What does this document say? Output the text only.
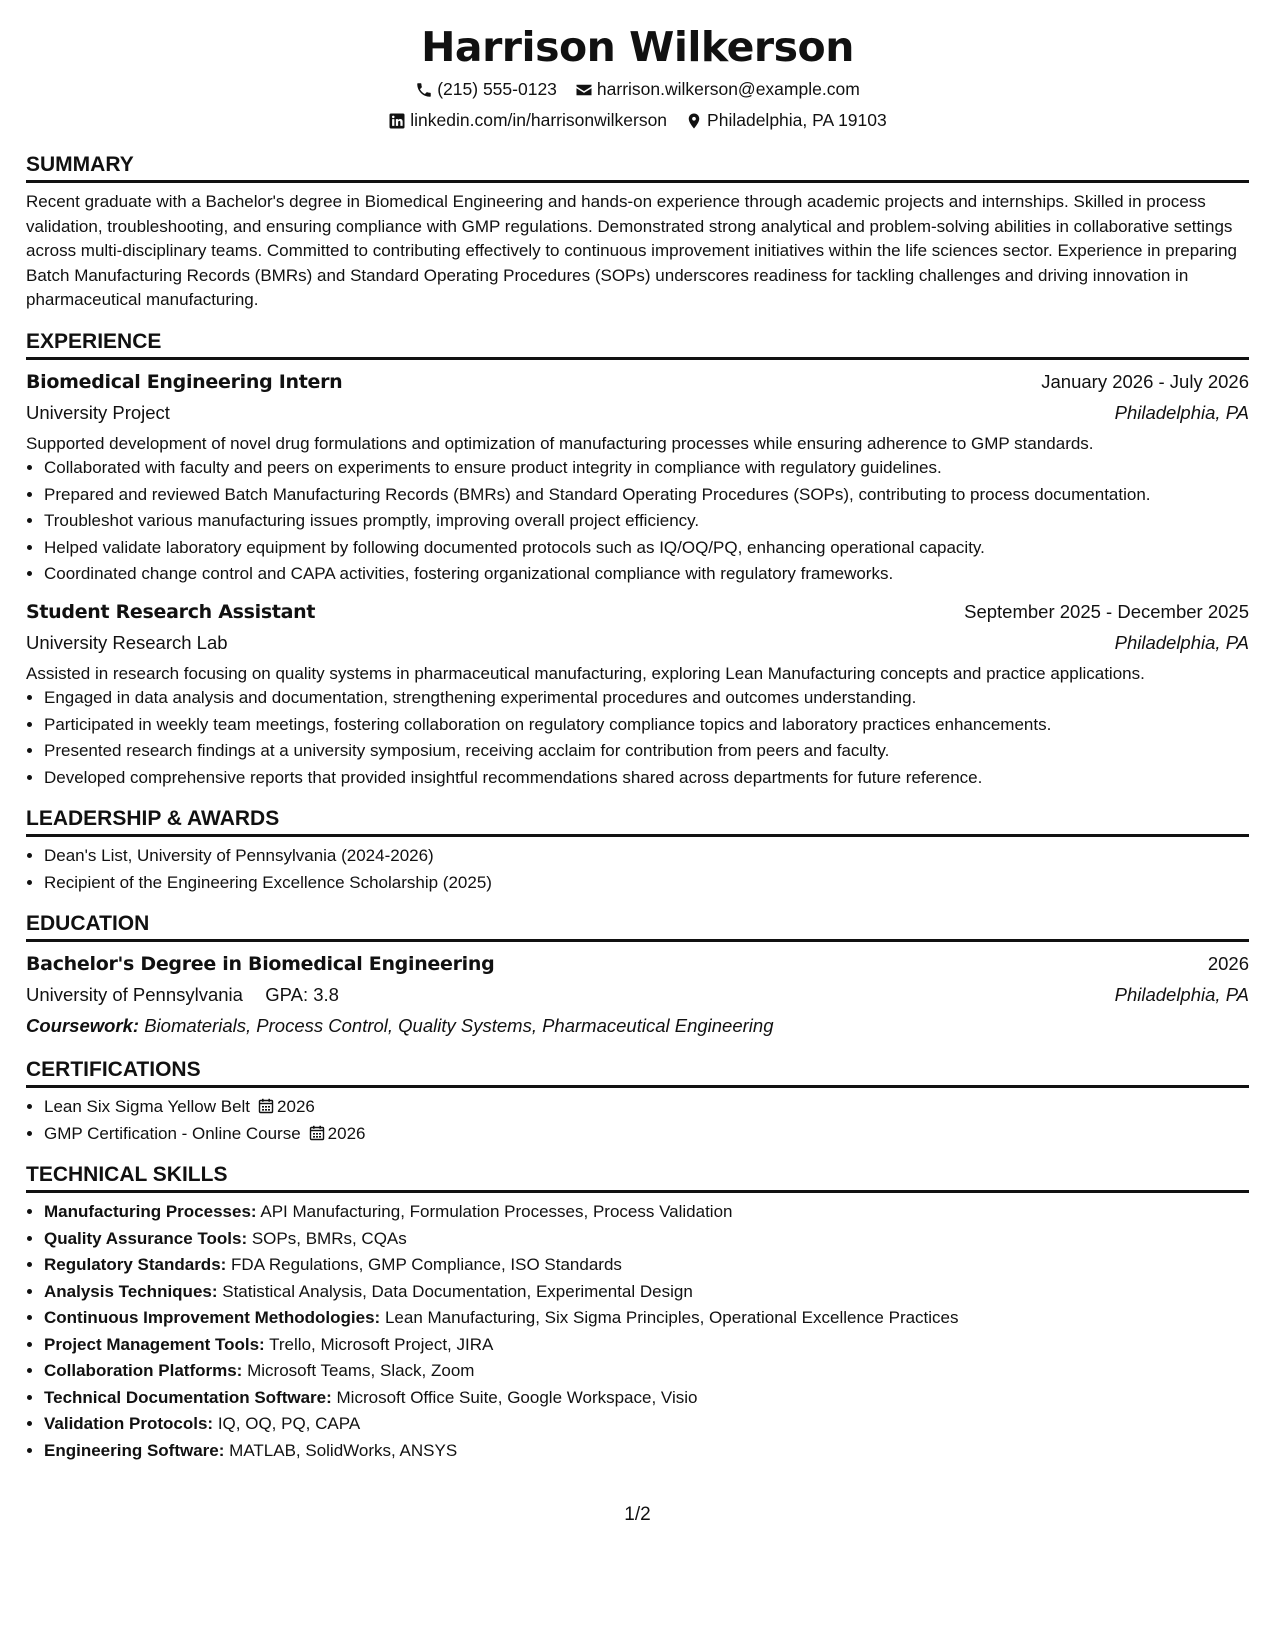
Harrison Wilkerson
(215) 555-0123 harrison.wilkerson@example.com
linkedin.com/in/harrisonwilkerson Philadelphia, PA 19103
SUMMARY

Recent graduate with a Bachelor's degree in Biomedical Engineering and hands-on experience through academic projects and internships. Skilled in process validation, troubleshooting, and ensuring compliance with GMP regulations. Demonstrated strong analytical and problem-solving abilities in collaborative settings across multi-disciplinary teams. Committed to contributing effectively to continuous improvement initiatives within the life sciences sector. Experience in preparing Batch Manufacturing Records (BMRs) and Standard Operating Procedures (SOPs) underscores readiness for tackling challenges and driving innovation in pharmaceutical manufacturing.

EXPERIENCE
Biomedical Engineering Intern	January 2026 - July 2026
University Project	Philadelphia, PA

Supported development of novel drug formulations and optimization of manufacturing processes while ensuring adherence to GMP standards.

• Collaborated with faculty and peers on experiments to ensure product integrity in compliance with regulatory guidelines.
• Prepared and reviewed Batch Manufacturing Records (BMRs) and Standard Operating Procedures (SOPs), contributing to process documentation.
• Troubleshot various manufacturing issues promptly, improving overall project efficiency.
• Helped validate laboratory equipment by following documented protocols such as IQ/OQ/PQ, enhancing operational capacity.
• Coordinated change control and CAPA activities, fostering organizational compliance with regulatory frameworks.
Student Research Assistant	September 2025 - December 2025
University Research Lab	Philadelphia, PA

Assisted in research focusing on quality systems in pharmaceutical manufacturing, exploring Lean Manufacturing concepts and practice applications.

• Engaged in data analysis and documentation, strengthening experimental procedures and outcomes understanding.
• Participated in weekly team meetings, fostering collaboration on regulatory compliance topics and laboratory practices enhancements.
• Presented research findings at a university symposium, receiving acclaim for contribution from peers and faculty.
• Developed comprehensive reports that provided insightful recommendations shared across departments for future reference.
LEADERSHIP & AWARDS
• Dean's List, University of Pennsylvania (2024-2026)
• Recipient of the Engineering Excellence Scholarship (2025)
EDUCATION
Bachelor's Degree in Biomedical Engineering	2026
University of Pennsylvania GPA: 3.8	Philadelphia, PA
Coursework: Biomaterials, Process Control, Quality Systems, Pharmaceutical Engineering
CERTIFICATIONS
• Lean Six Sigma Yellow Belt 2026
• GMP Certification - Online Course 2026
TECHNICAL SKILLS
• Manufacturing Processes: API Manufacturing, Formulation Processes, Process Validation
• Quality Assurance Tools: SOPs, BMRs, CQAs
• Regulatory Standards: FDA Regulations, GMP Compliance, ISO Standards
• Analysis Techniques: Statistical Analysis, Data Documentation, Experimental Design
• Continuous Improvement Methodologies: Lean Manufacturing, Six Sigma Principles, Operational Excellence Practices
• Project Management Tools: Trello, Microsoft Project, JIRA
• Collaboration Platforms: Microsoft Teams, Slack, Zoom
• Technical Documentation Software: Microsoft Office Suite, Google Workspace, Visio
• Validation Protocols: IQ, OQ, PQ, CAPA
• Engineering Software: MATLAB, SolidWorks, ANSYS
1/2
